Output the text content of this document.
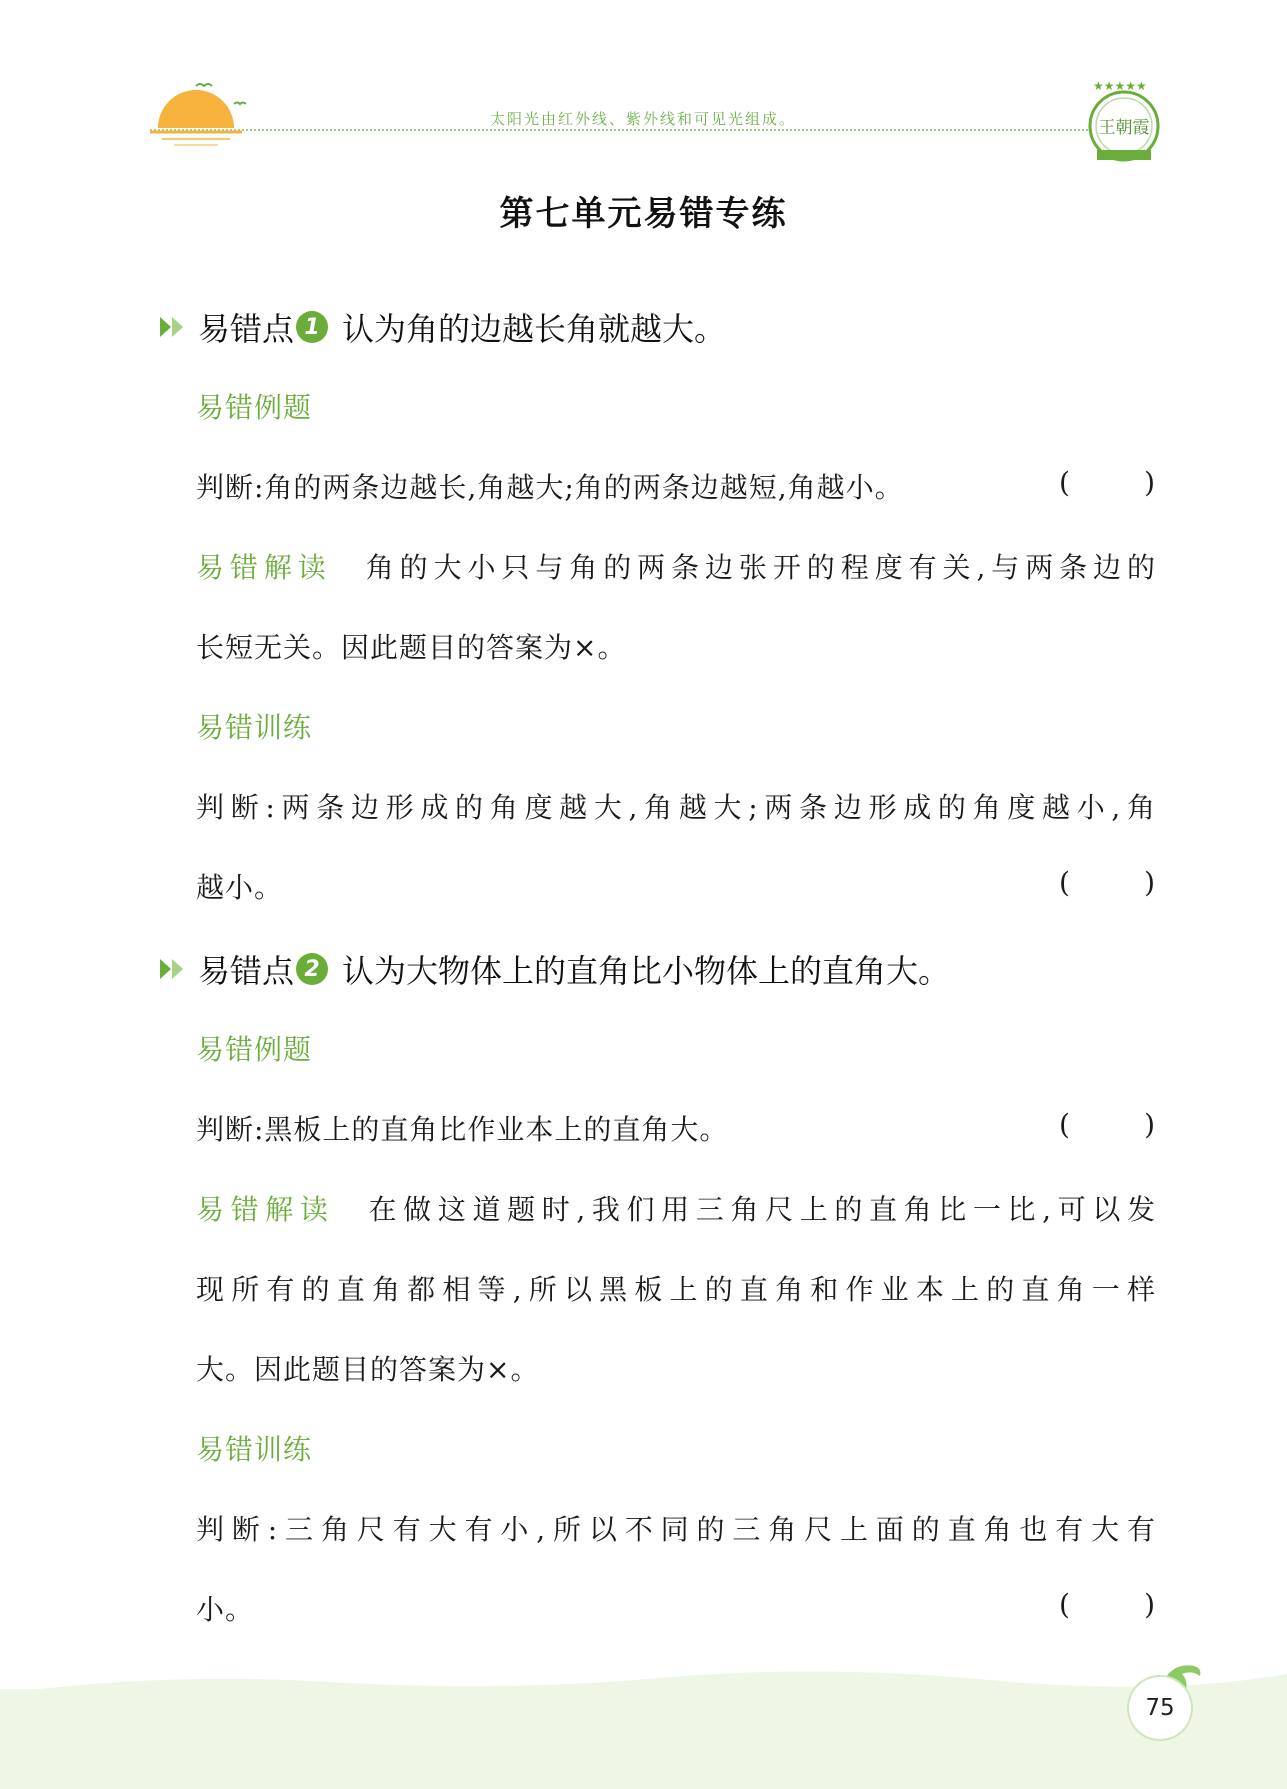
太阳光由红外线、紫外线和可见光组成。
★★★★★
王朝霞
第七单元易错专练
易错点 1 认为角的边越长角就越大。
易错例题
判断:角的两条边越长,角越大;角的两条边越短,角越小。	(	)
易错解读 角的大小只与角的两条边张开的程度有关,与两条边的
长短无关。因此题目的答案为×。
易错训练
判断:两条边形成的角度越大,角越大;两条边形成的角度越小,角
越小。	(	)
易错点 2 认为大物体上的直角比小物体上的直角大。
易错例题
判断:黑板上的直角比作业本上的直角大。	(	)
易错解读 在做这道题时,我们用三角尺上的直角比一比,可以发
现所有的直角都相等,所以黑板上的直角和作业本上的直角一样
大。因此题目的答案为×。
易错训练
判断:三角尺有大有小,所以不同的三角尺上面的直角也有大有
小。	(	)
75
